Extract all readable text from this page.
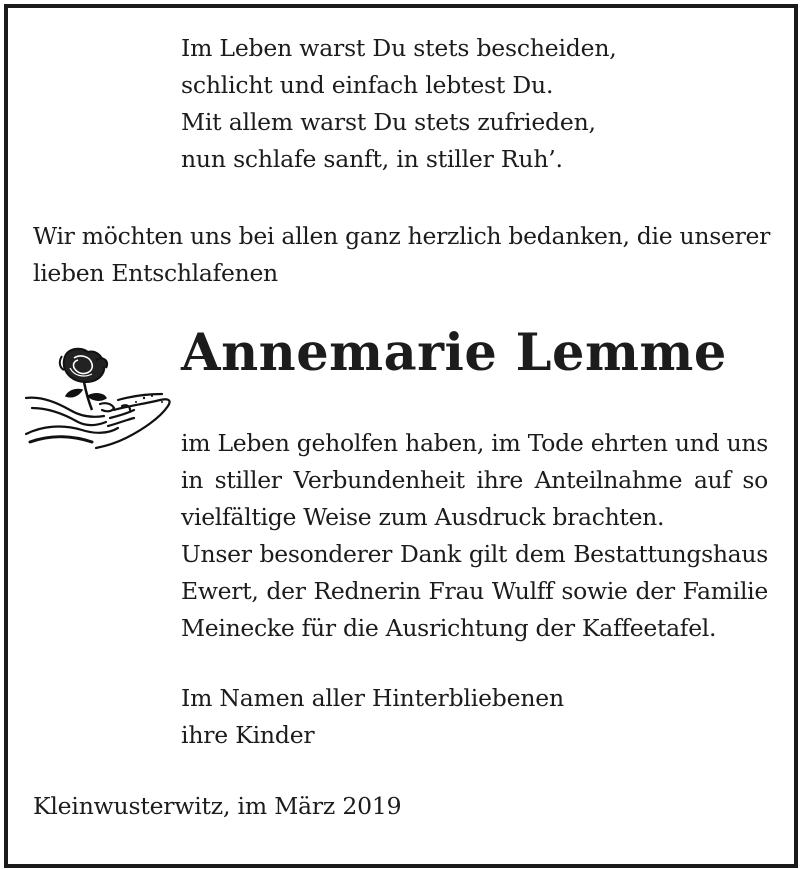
Im Leben warst Du stets bescheiden,
schlicht und einfach lebtest Du.
Mit allem warst Du stets zufrieden,
nun schlafe sanft, in stiller Ruh’.
Wir möchten uns bei allen ganz herzlich bedanken, die unserer
lieben Entschlafenen
Annemarie Lemme

im Leben geholfen haben, im Tode ehrten und uns in stiller Verbundenheit ihre Anteilnahme auf so vielfältige Weise zum Ausdruck brachten.

Unser besonderer Dank gilt dem Bestattungshaus Ewert, der Rednerin Frau Wulff sowie der Familie Meinecke für die Ausrichtung der Kaffeetafel.

Im Namen aller Hinterbliebenen
ihre Kinder
Kleinwusterwitz, im März 2019
